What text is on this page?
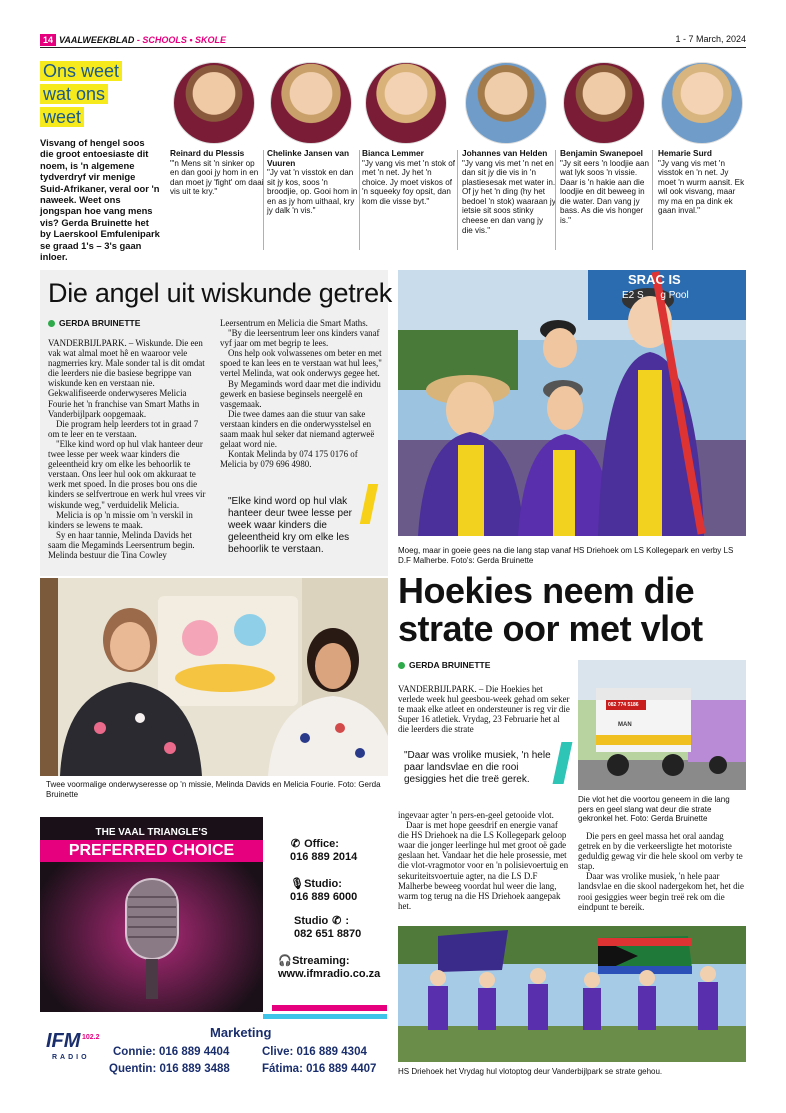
14 VAALWEEKBLAD - SCHOOLS • SKOLE	1 - 7 March, 2024
Ons weet
wat ons
weet
Visvang of hengel soos die groot entoesiaste dit noem, is 'n algemene tydverdryf vir menige Suid-Afrikaner, veral oor 'n naweek. Weet ons jongspan hoe vang mens vis? Gerda Bruinette het by Laerskool Emfulenipark se graad 1's – 3's gaan inloer.
Reinard du Plessis
"'n Mens sit 'n sinker op en dan gooi jy hom in en dan moet jy 'fight' om daai vis uit te kry."
Chelinke Jansen van Vuuren
"Jy vat 'n visstok en dan sit jy kos, soos 'n broodjie, op. Gooi hom in en as jy hom uithaal, kry jy dalk 'n vis."
Bianca Lemmer
"Jy vang vis met 'n stok of met 'n net. Jy het 'n choice. Jy moet viskos of 'n squeeky foy opsit, dan kom die visse byt."
Johannes van Helden
"Jy vang vis met 'n net en dan sit jy die vis in 'n plastiesesak met water in. Of jy het 'n ding (hy het bedoel 'n stok) waaraan jy ietsie sit soos stinky cheese en dan vang jy die vis."
Benjamin Swanepoel
"Jy sit eers 'n loodjie aan wat lyk soos 'n vissie. Daar is 'n hakie aan die loodjie en dit beweeg in die water. Dan vang jy bass. As die vis honger is."
Hemarie Surd
"Jy vang vis met 'n visstok en 'n net. Jy moet 'n wurm aansit. Ek wil ook visvang, maar my ma en pa dink ek gaan inval."
Die angel uit wiskunde getrek
GERDA BRUINETTE

VANDERBIJLPARK. – Wiskunde. Die een vak wat almal moet hê en waaroor vele nagmerries kry. Male sonder tal is dit omdat die leerders nie die basiese begrippe van wiskunde ken en verstaan nie. Gekwalifiseerde onderwyseres Melicia Fourie het 'n franchise van Smart Maths in Vanderbijlpark oopgemaak.

Die program help leerders tot in graad 7 om te leer en te verstaan.

"Elke kind word op hul vlak hanteer deur twee lesse per week waar kinders die geleentheid kry om elke les behoorlik te verstaan. Ons leer hul ook om akkuraat te werk met spoed. In die proses bou ons die kinders se selfvertroue en werk hul vrees vir wiskunde weg," verduidelik Melicia.

Melicia is op 'n missie om 'n verskil in kinders se lewens te maak.

Sy en haar tannie, Melinda Davids het saam die Megaminds Leersentrum begin. Melinda bestuur die Tina Cowley

Leersentrum en Melicia die Smart Maths.

"By die leersentrum leer ons kinders vanaf vyf jaar om met begrip te lees.

Ons help ook volwassenes om beter en met spoed te kan lees en te verstaan wat hul lees," vertel Melinda, wat ook onderwys gegee het.

By Megaminds word daar met die individu gewerk en basiese beginsels neergelê en vasgemaak.

Die twee dames aan die stuur van sake verstaan kinders en die onderwysstelsel en saam maak hul seker dat niemand agterweë gelaat word nie.

Kontak Melinda by 074 175 0176 of Melicia by 079 696 4980.

"Elke kind word op hul vlak hanteer deur twee lesse per week waar kinders die geleentheid kry om elke les behoorlik te verstaan.
Twee voormalige onderwyseresse op 'n missie, Melinda Davids en Melicia Fourie. Foto: Gerda Bruinette
SRAC IS
E2 S      g Pool
Moeg, maar in goeie gees na die lang stap vanaf HS Driehoek om LS Kollegepark en verby LS D.F Malherbe. Foto's: Gerda Bruinette
Hoekies neem die strate oor met vlot
GERDA BRUINETTE
VANDERBIJLPARK. – Die Hoekies het verlede week hul geesbou-week gehad om seker te maak elke atleet en ondersteuner is reg vir die Super 16 atletiek. Vrydag, 23 Februarie het al die leerders die strate
"Daar was vrolike musiek, 'n hele paar landsvlae en die rooi gesiggies het die treë gerek.

ingevaar agter 'n pers-en-geel getooide vlot.

Daar is met hope geesdrif en energie vanaf die HS Driehoek na die LS Kollegepark geloop waar die jonger leerlinge hul met groot oë gade geslaan het. Vandaar het die hele prosessie, met die vlot-vragmotor voor en 'n polisievoertuig en sekuriteitsvoertuie agter, na die LS D.F Malherbe beweeg voordat hul weer die lang, warm tog terug na die HS Driehoek aangepak het.

082 774 5186
MAN
Die vlot het die voortou geneem in die lang pers en geel slang wat deur die strate gekronkel het. Foto: Gerda Bruinette

Die pers en geel massa het oral aandag getrek en by die verkeersligte het motoriste geduldig gewag vir die hele skool om verby te stap.

Daar was vrolike musiek, 'n hele paar landsvlae en die skool nadergekom het, het die rooi gesiggies weer begin treë rek om die eindpunt te bereik.

HS Driehoek het Vrydag hul vlotoptog deur Vanderbijlpark se strate gehou.
THE VAAL TRIANGLE'S
PREFERRED CHOICE	✆ Office:
016 889 2014
🎙 Studio:
016 889 6000
Studio ✆ :
082 651 8870
🎧 Streaming:
www.ifmradio.co.za
IFM 102.2
RADIO
Marketing
Connie: 016 889 4404	Clive: 016 889 4304
Quentin: 016 889 3488	Fátima: 016 889 4407
